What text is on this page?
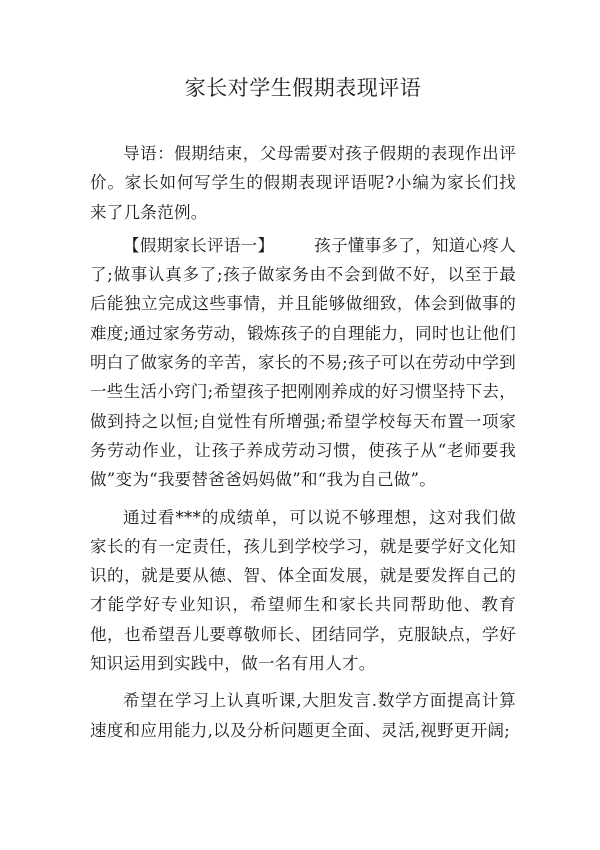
家长对学生假期表现评语

导语：假期结束，父母需要对孩子假期的表现作出评价。家长如何写学生的假期表现评语呢?小编为家长们找来了几条范例。

【假期家长评语一】 孩子懂事多了，知道心疼人了;做事认真多了;孩子做家务由不会到做不好，以至于最后能独立完成这些事情，并且能够做细致，体会到做事的难度;通过家务劳动，锻炼孩子的自理能力，同时也让他们明白了做家务的辛苦，家长的不易;孩子可以在劳动中学到一些生活小窍门;希望孩子把刚刚养成的好习惯坚持下去，做到持之以恒;自觉性有所增强;希望学校每天布置一项家务劳动作业，让孩子养成劳动习惯，使孩子从“老师要我做”变为“我要替爸爸妈妈做”和“我为自己做”。

通过看***的成绩单，可以说不够理想，这对我们做家长的有一定责任，孩儿到学校学习，就是要学好文化知识的，就是要从德、智、体全面发展，就是要发挥自己的才能学好专业知识，希望师生和家长共同帮助他、教育他，也希望吾儿要尊敬师长、团结同学，克服缺点，学好知识运用到实践中，做一名有用人才。

希望在学习上认真听课,大胆发言.数学方面提高计算速度和应用能力,以及分析问题更全面、灵活,视野更开阔;
